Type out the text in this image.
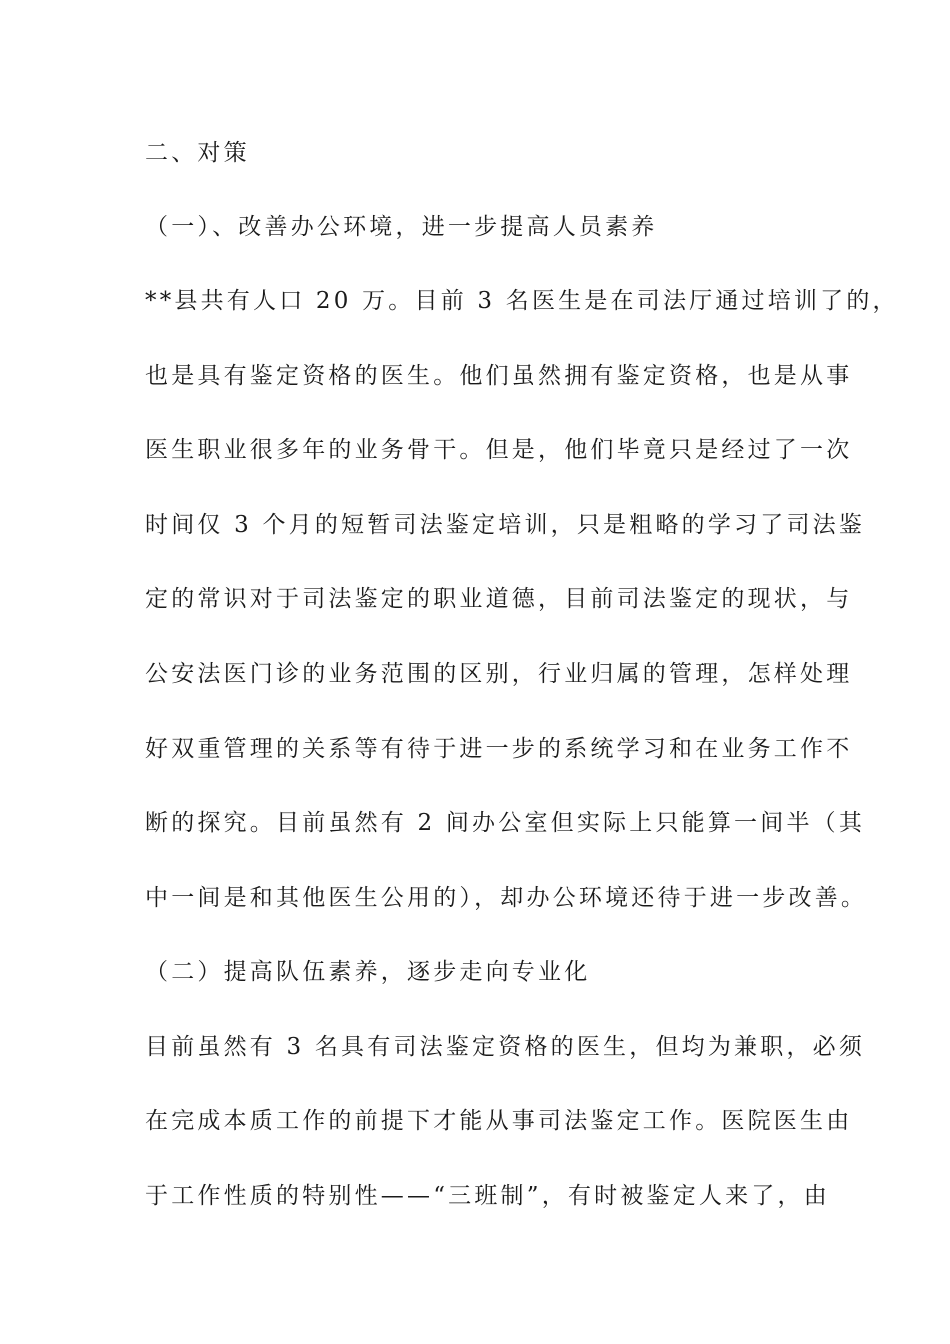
二、对策
（一）、改善办公环境，进一步提高人员素养
**县共有人口 20 万。目前 3 名医生是在司法厅通过培训了的，
也是具有鉴定资格的医生。他们虽然拥有鉴定资格，也是从事
医生职业很多年的业务骨干。但是，他们毕竟只是经过了一次
时间仅 3 个月的短暂司法鉴定培训，只是粗略的学习了司法鉴
定的常识对于司法鉴定的职业道德，目前司法鉴定的现状，与
公安法医门诊的业务范围的区别，行业归属的管理，怎样处理
好双重管理的关系等有待于进一步的系统学习和在业务工作不
断的探究。目前虽然有 2 间办公室但实际上只能算一间半（其
中一间是和其他医生公用的），却办公环境还待于进一步改善。
（二）提高队伍素养，逐步走向专业化
目前虽然有 3 名具有司法鉴定资格的医生，但均为兼职，必须
在完成本质工作的前提下才能从事司法鉴定工作。医院医生由
于工作性质的特别性——“三班制”，有时被鉴定人来了，由
